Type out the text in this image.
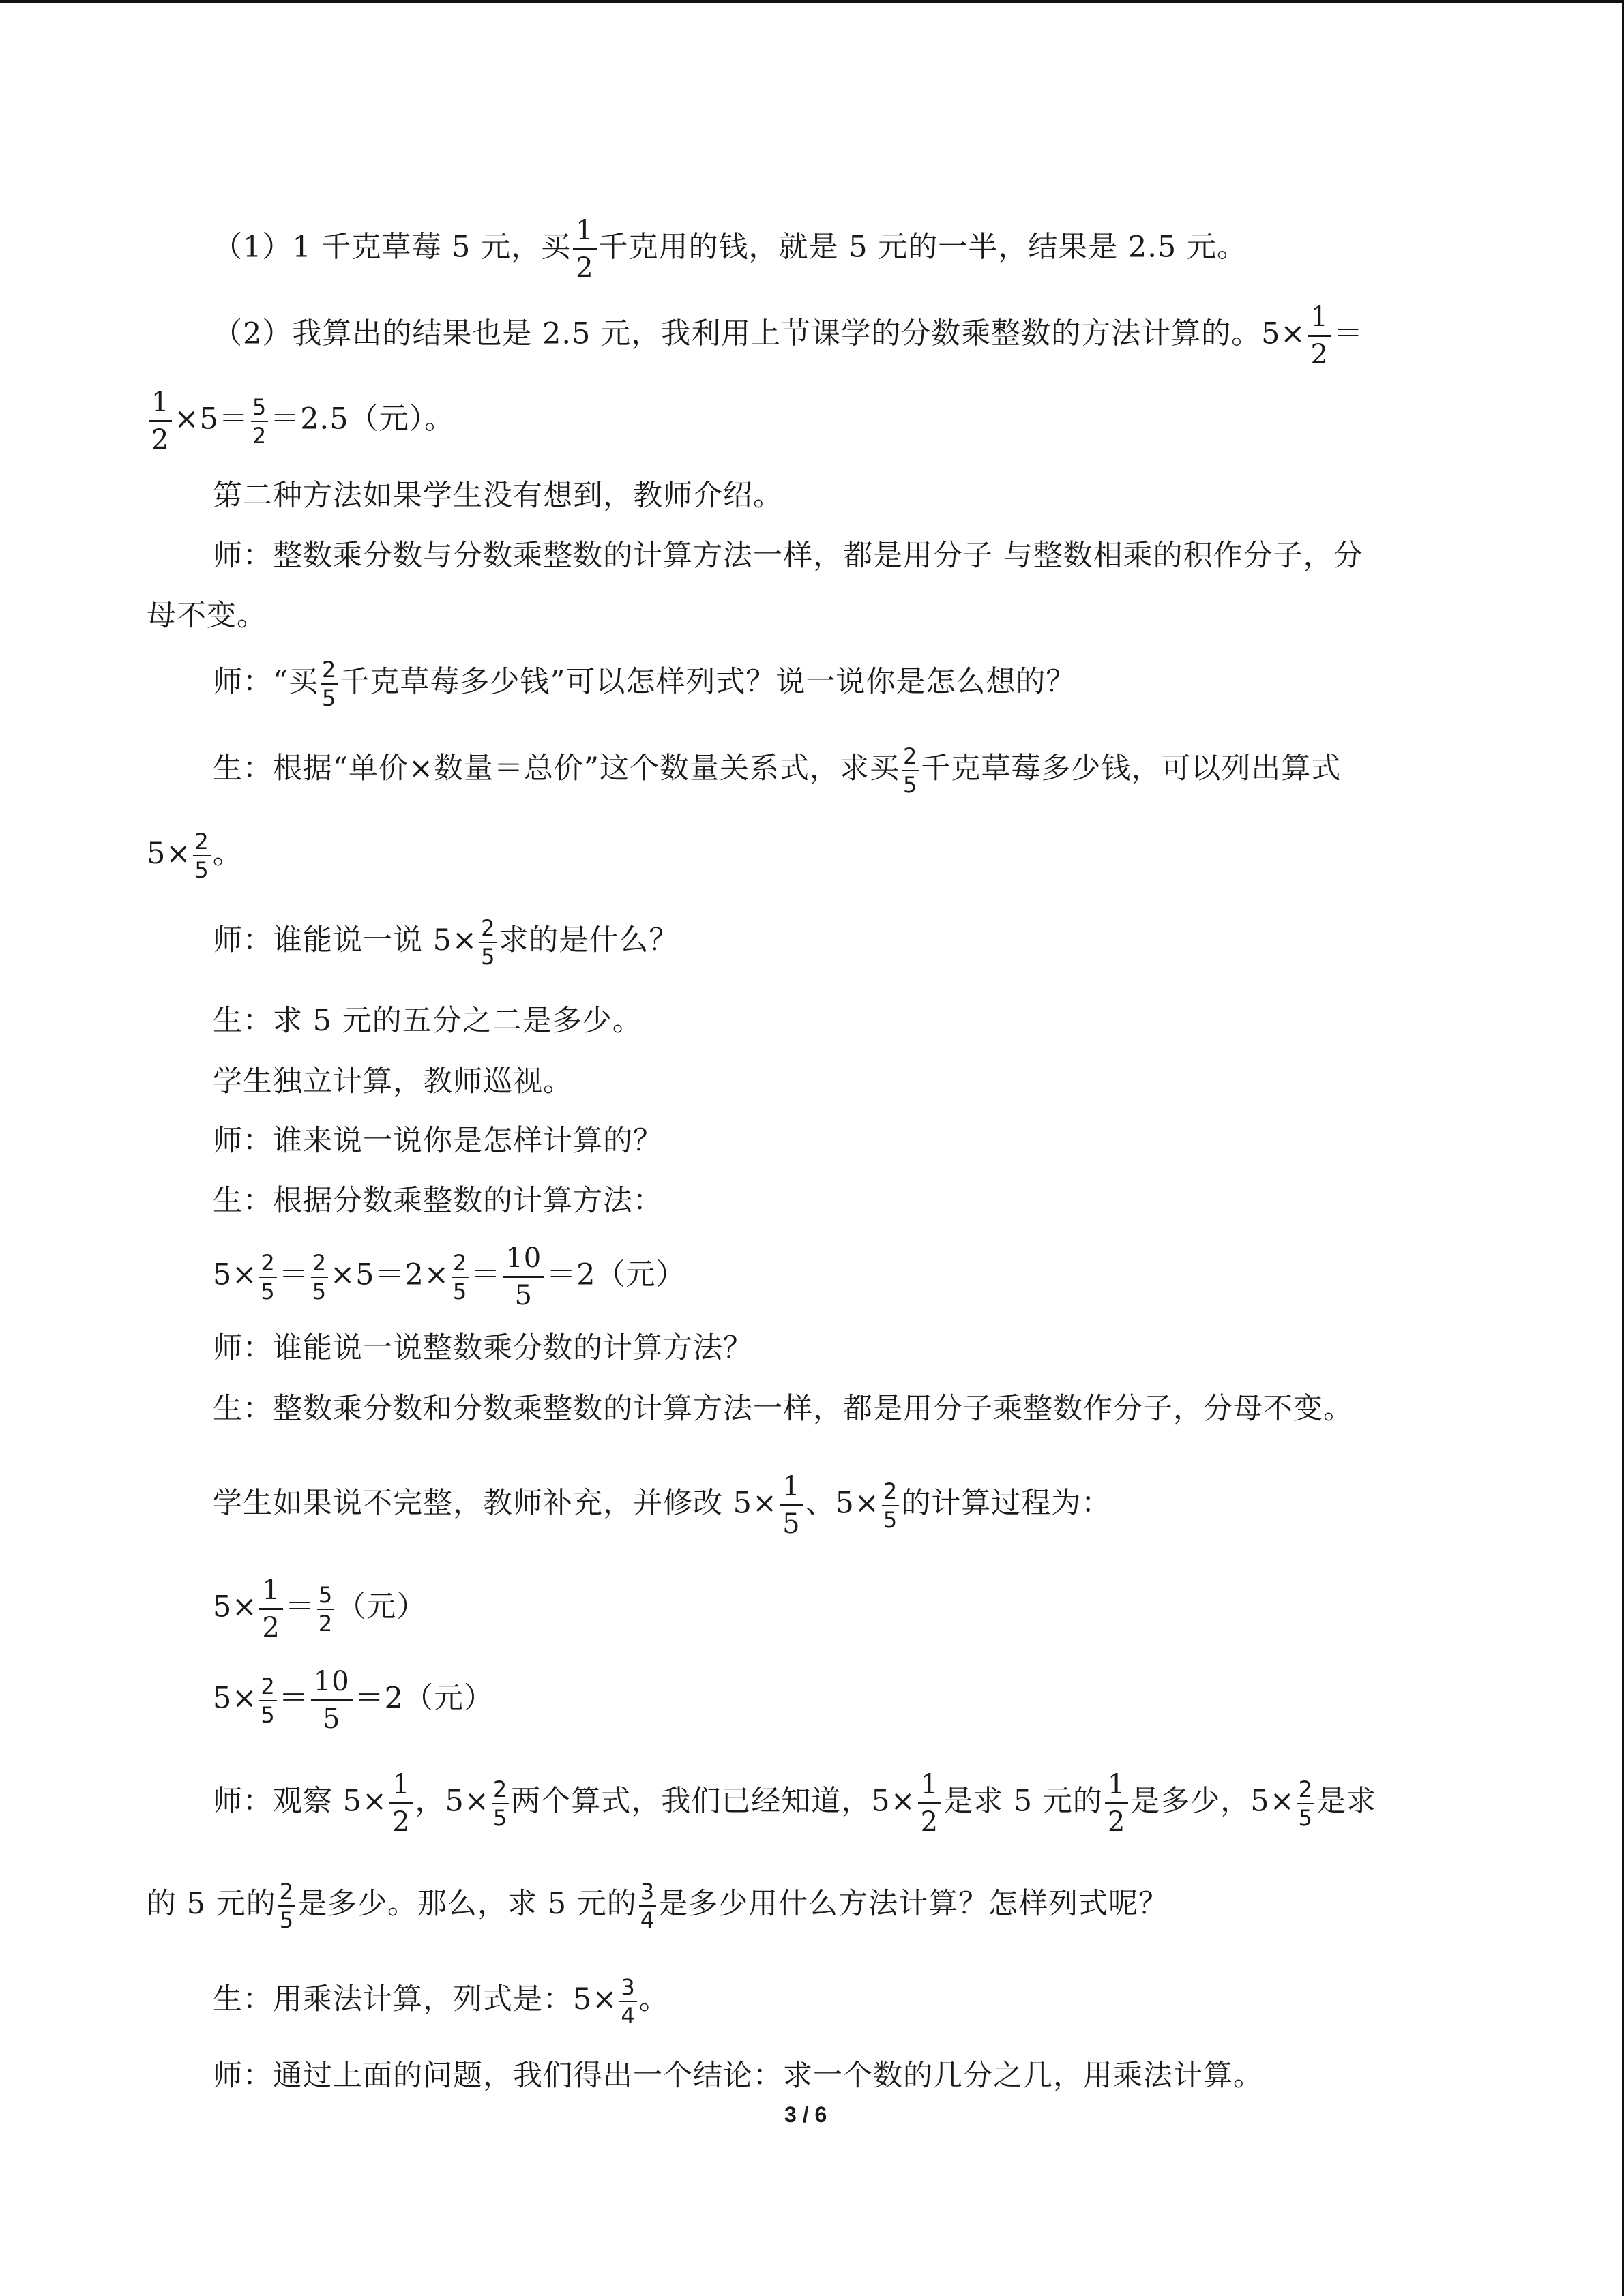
（1）1 千克草莓 5 元，买 $\frac{1}{2}$ 千克用的钱，就是 5 元的一半，结果是 2.5 元。
（2）我算出的结果也是 2.5 元，我利用上节课学的分数乘整数的方法计算的。$5\times \frac{1}{2}$ ＝
$\frac{1}{2} \times 5= \frac{5}{2} =2.5$（元）。
第二种方法如果学生没有想到，教师介绍。
师：整数乘分数与分数乘整数的计算方法一样，都是用分子 与整数相乘的积作分子，分
母不变。
师：“买 $\frac{2}{5}$ 千克草莓多少钱”可以怎样列式？说一说你是怎么想的？
生：根据“单价×数量＝总价”这个数量关系式，求买 $\frac{2}{5}$ 千克草莓多少钱，可以列出算式
$5\times \frac{2}{5}$ 。
师：谁能说一说 $5\times \frac{2}{5}$ 求的是什么？
生：求 5 元的五分之二是多少。
学生独立计算，教师巡视。
师：谁来说一说你是怎样计算的？
生：根据分数乘整数的计算方法：
$5\times \frac{2}{5} = \frac{2}{5} \times 5=2\times \frac{2}{5} = \frac{10}{5} =2$（元）
师：谁能说一说整数乘分数的计算方法？
生：整数乘分数和分数乘整数的计算方法一样，都是用分子乘整数作分子，分母不变。
学生如果说不完整，教师补充，并修改 $5\times \frac{1}{5}$ 、$5\times \frac{2}{5}$ 的计算过程为：
$5\times \frac{1}{2} = \frac{5}{2}$ （元）
$5\times \frac{2}{5} = \frac{10}{5} =2$（元）
师：观察 $5\times \frac{1}{2}$ ，$5\times \frac{2}{5}$ 两个算式，我们已经知道，$5\times \frac{1}{2}$ 是求 5 元的 $\frac{1}{2}$ 是多少，$5\times \frac{2}{5}$ 是求
的 5 元的 $\frac{2}{5}$ 是多少。那么，求 5 元的 $\frac{3}{4}$ 是多少用什么方法计算？怎样列式呢？
生：用乘法计算，列式是：$5\times \frac{3}{4}$ 。
师：通过上面的问题，我们得出一个结论：求一个数的几分之几，用乘法计算。
3 / 6
